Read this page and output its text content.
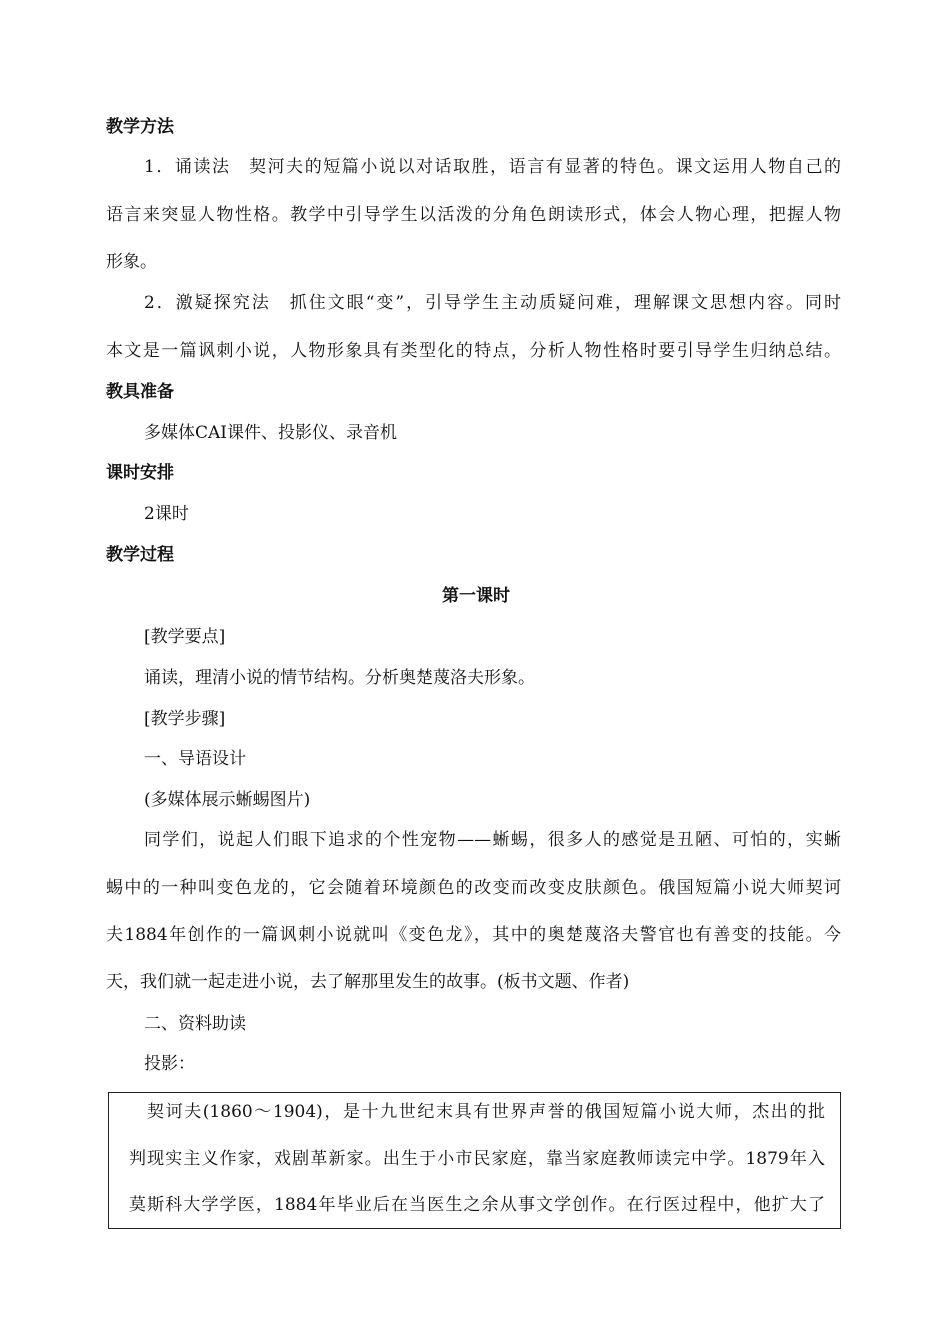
教学方法
1．诵读法　契河夫的短篇小说以对话取胜，语言有显著的特色。课文运用人物自己的
语言来突显人物性格。教学中引导学生以活泼的分角色朗读形式，体会人物心理，把握人物
形象。
2．激疑探究法　抓住文眼“变”，引导学生主动质疑问难，理解课文思想内容。同时
本文是一篇讽刺小说，人物形象具有类型化的特点，分析人物性格时要引导学生归纳总结。
教具准备
多媒体CAI课件、投影仪、录音机
课时安排
2课时
教学过程
第一课时
[教学要点]
诵读，理清小说的情节结构。分析奥楚蔑洛夫形象。
[教学步骤]
一、导语设计
(多媒体展示蜥蜴图片)
同学们，说起人们眼下追求的个性宠物——蜥蜴，很多人的感觉是丑陋、可怕的，实蜥
蜴中的一种叫变色龙的，它会随着环境颜色的改变而改变皮肤颜色。俄国短篇小说大师契诃
夫1884年创作的一篇讽刺小说就叫《变色龙》，其中的奥楚蔑洛夫警官也有善变的技能。今
天，我们就一起走进小说，去了解那里发生的故事。(板书文题、作者)
二、资料助读
投影：
契诃夫(1860～1904)，是十九世纪末具有世界声誉的俄国短篇小说大师，杰出的批
判现实主义作家，戏剧革新家。出生于小市民家庭，靠当家庭教师读完中学。1879年入
莫斯科大学学医，1884年毕业后在当医生之余从事文学创作。在行医过程中，他扩大了
